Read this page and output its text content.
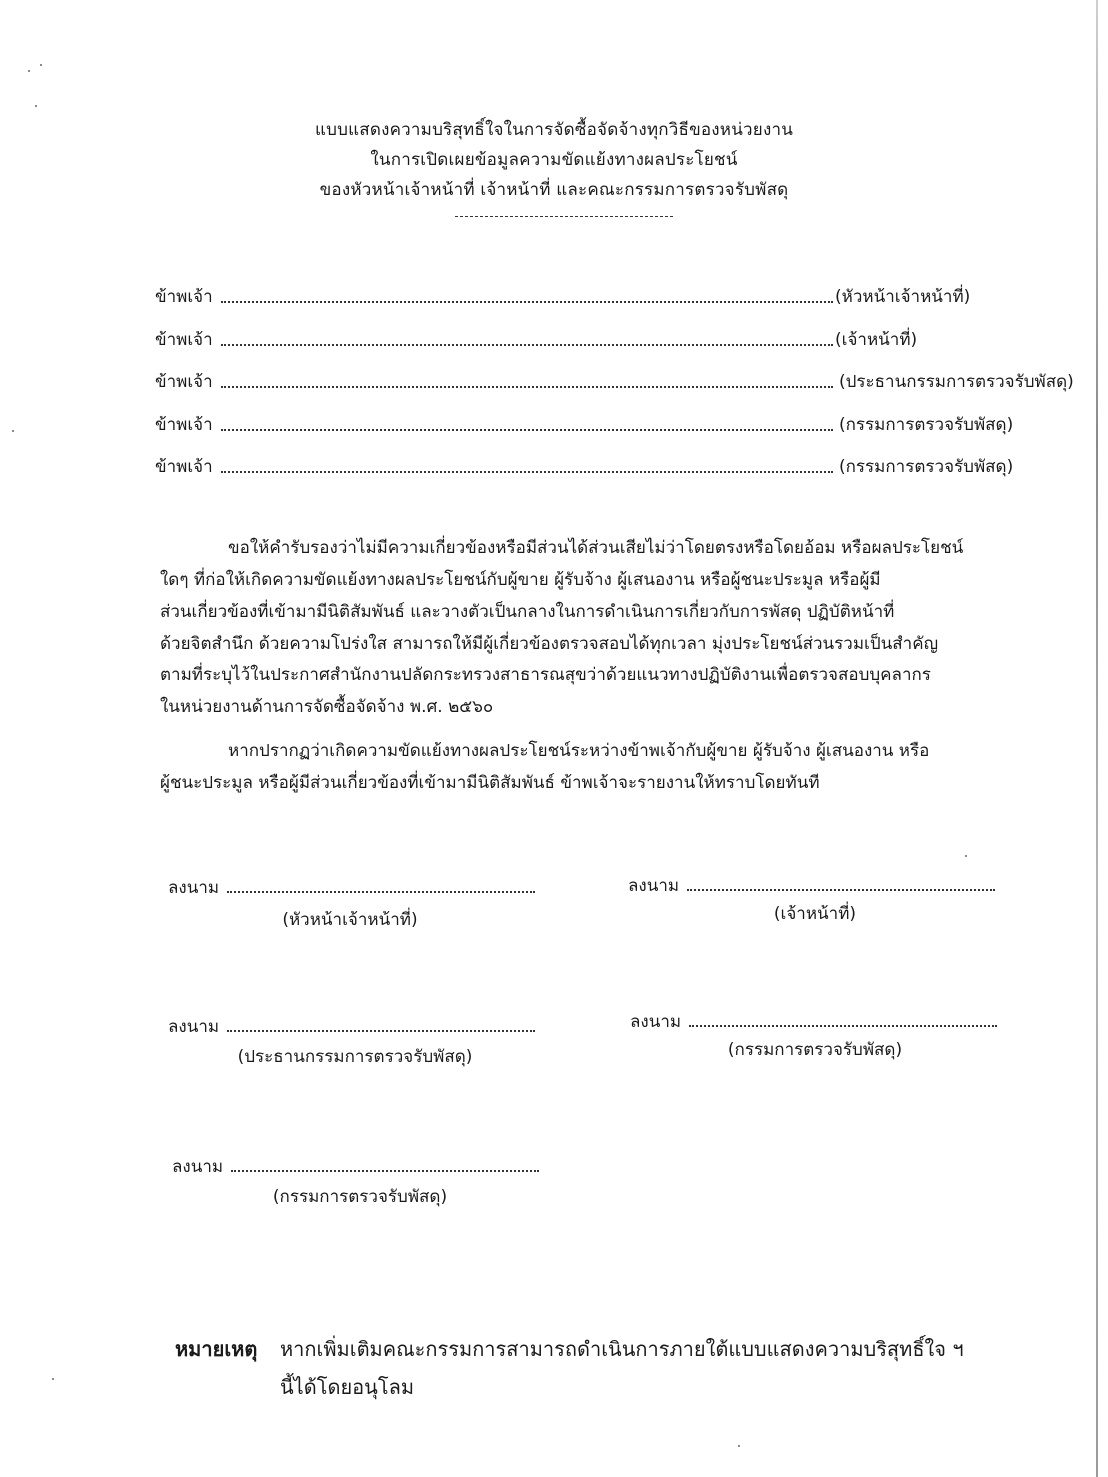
แบบแสดงความบริสุทธิ์ใจในการจัดซื้อจัดจ้างทุกวิธีของหน่วยงาน
ในการเปิดเผยข้อมูลความขัดแย้งทางผลประโยชน์
ของหัวหน้าเจ้าหน้าที่ เจ้าหน้าที่ และคณะกรรมการตรวจรับพัสดุ
ข้าพเจ้า	(หัวหน้าเจ้าหน้าที่)
ข้าพเจ้า	(เจ้าหน้าที่)
ข้าพเจ้า	(ประธานกรรมการตรวจรับพัสดุ)
ข้าพเจ้า	(กรรมการตรวจรับพัสดุ)
ข้าพเจ้า	(กรรมการตรวจรับพัสดุ)
ขอให้คำรับรองว่าไม่มีความเกี่ยวข้องหรือมีส่วนได้ส่วนเสียไม่ว่าโดยตรงหรือโดยอ้อม หรือผลประโยชน์
ใดๆ ที่ก่อให้เกิดความขัดแย้งทางผลประโยชน์กับผู้ขาย ผู้รับจ้าง ผู้เสนองาน หรือผู้ชนะประมูล หรือผู้มี
ส่วนเกี่ยวข้องที่เข้ามามีนิติสัมพันธ์ และวางตัวเป็นกลางในการดำเนินการเกี่ยวกับการพัสดุ ปฏิบัติหน้าที่
ด้วยจิตสำนึก ด้วยความโปร่งใส สามารถให้มีผู้เกี่ยวข้องตรวจสอบได้ทุกเวลา มุ่งประโยชน์ส่วนรวมเป็นสำคัญ
ตามที่ระบุไว้ในประกาศสำนักงานปลัดกระทรวงสาธารณสุขว่าด้วยแนวทางปฏิบัติงานเพื่อตรวจสอบบุคลากร
ในหน่วยงานด้านการจัดซื้อจัดจ้าง พ.ศ. ๒๕๖๐
หากปรากฏว่าเกิดความขัดแย้งทางผลประโยชน์ระหว่างข้าพเจ้ากับผู้ขาย ผู้รับจ้าง ผู้เสนองาน หรือ
ผู้ชนะประมูล หรือผู้มีส่วนเกี่ยวข้องที่เข้ามามีนิติสัมพันธ์ ข้าพเจ้าจะรายงานให้ทราบโดยทันที
ลงนาม
(หัวหน้าเจ้าหน้าที่)
ลงนาม
(เจ้าหน้าที่)
ลงนาม
(ประธานกรรมการตรวจรับพัสดุ)
ลงนาม
(กรรมการตรวจรับพัสดุ)
ลงนาม
(กรรมการตรวจรับพัสดุ)
หมายเหตุ หากเพิ่มเติมคณะกรรมการสามารถดำเนินการภายใต้แบบแสดงความบริสุทธิ์ใจ ฯ
นี้ได้โดยอนุโลม
